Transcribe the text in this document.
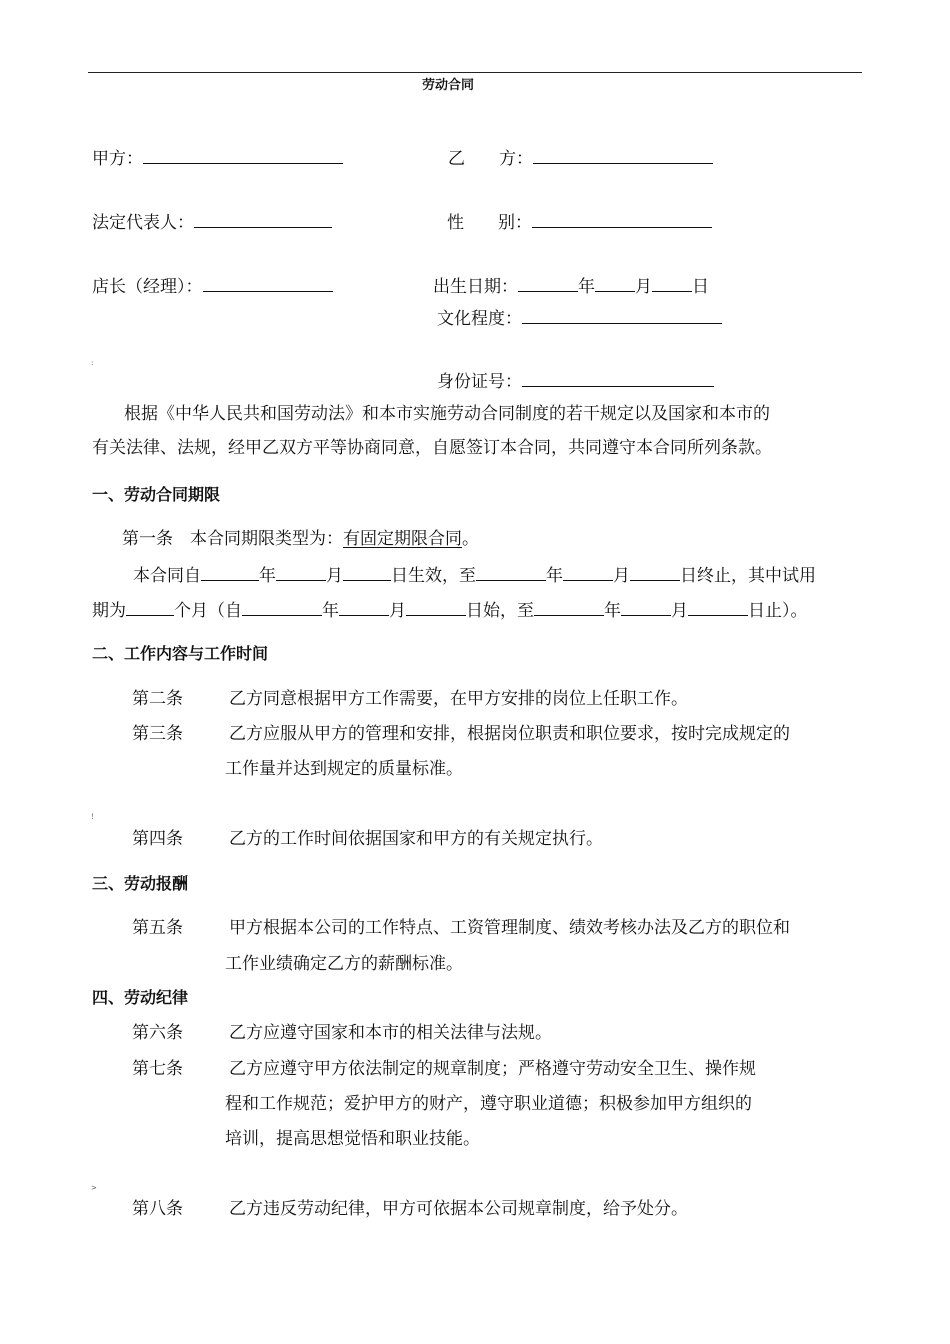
劳动合同
甲方：	乙　　方：
法定代表人：	性　　别：
店长（经理）：	出生日期：	年 月 日
文化程度：
:
身份证号：
根据《中华人民共和国劳动法》和本市实施劳动合同制度的若干规定以及国家和本市的
有关法律、法规，经甲乙双方平等协商同意，自愿签订本合同，共同遵守本合同所列条款。
一、劳动合同期限
第一条　本合同期限类型为：有固定期限合同。
本合同自	年	月	日生效，至	年	月	日终止，其中试用
期为	个月（自	年	月	日始，至	年	月	日止）。
二、工作内容与工作时间
第二条	乙方同意根据甲方工作需要，在甲方安排的岗位上任职工作。
第三条	乙方应服从甲方的管理和安排，根据岗位职责和职位要求，按时完成规定的
工作量并达到规定的质量标准。
!
第四条	乙方的工作时间依据国家和甲方的有关规定执行。
三、劳动报酬
第五条	甲方根据本公司的工作特点、工资管理制度、绩效考核办法及乙方的职位和
工作业绩确定乙方的薪酬标准。
四、劳动纪律
第六条	乙方应遵守国家和本市的相关法律与法规。
第七条	乙方应遵守甲方依法制定的规章制度；严格遵守劳动安全卫生、操作规
程和工作规范；爱护甲方的财产，遵守职业道德；积极参加甲方组织的
培训，提高思想觉悟和职业技能。
>
第八条	乙方违反劳动纪律，甲方可依据本公司规章制度，给予处分。
